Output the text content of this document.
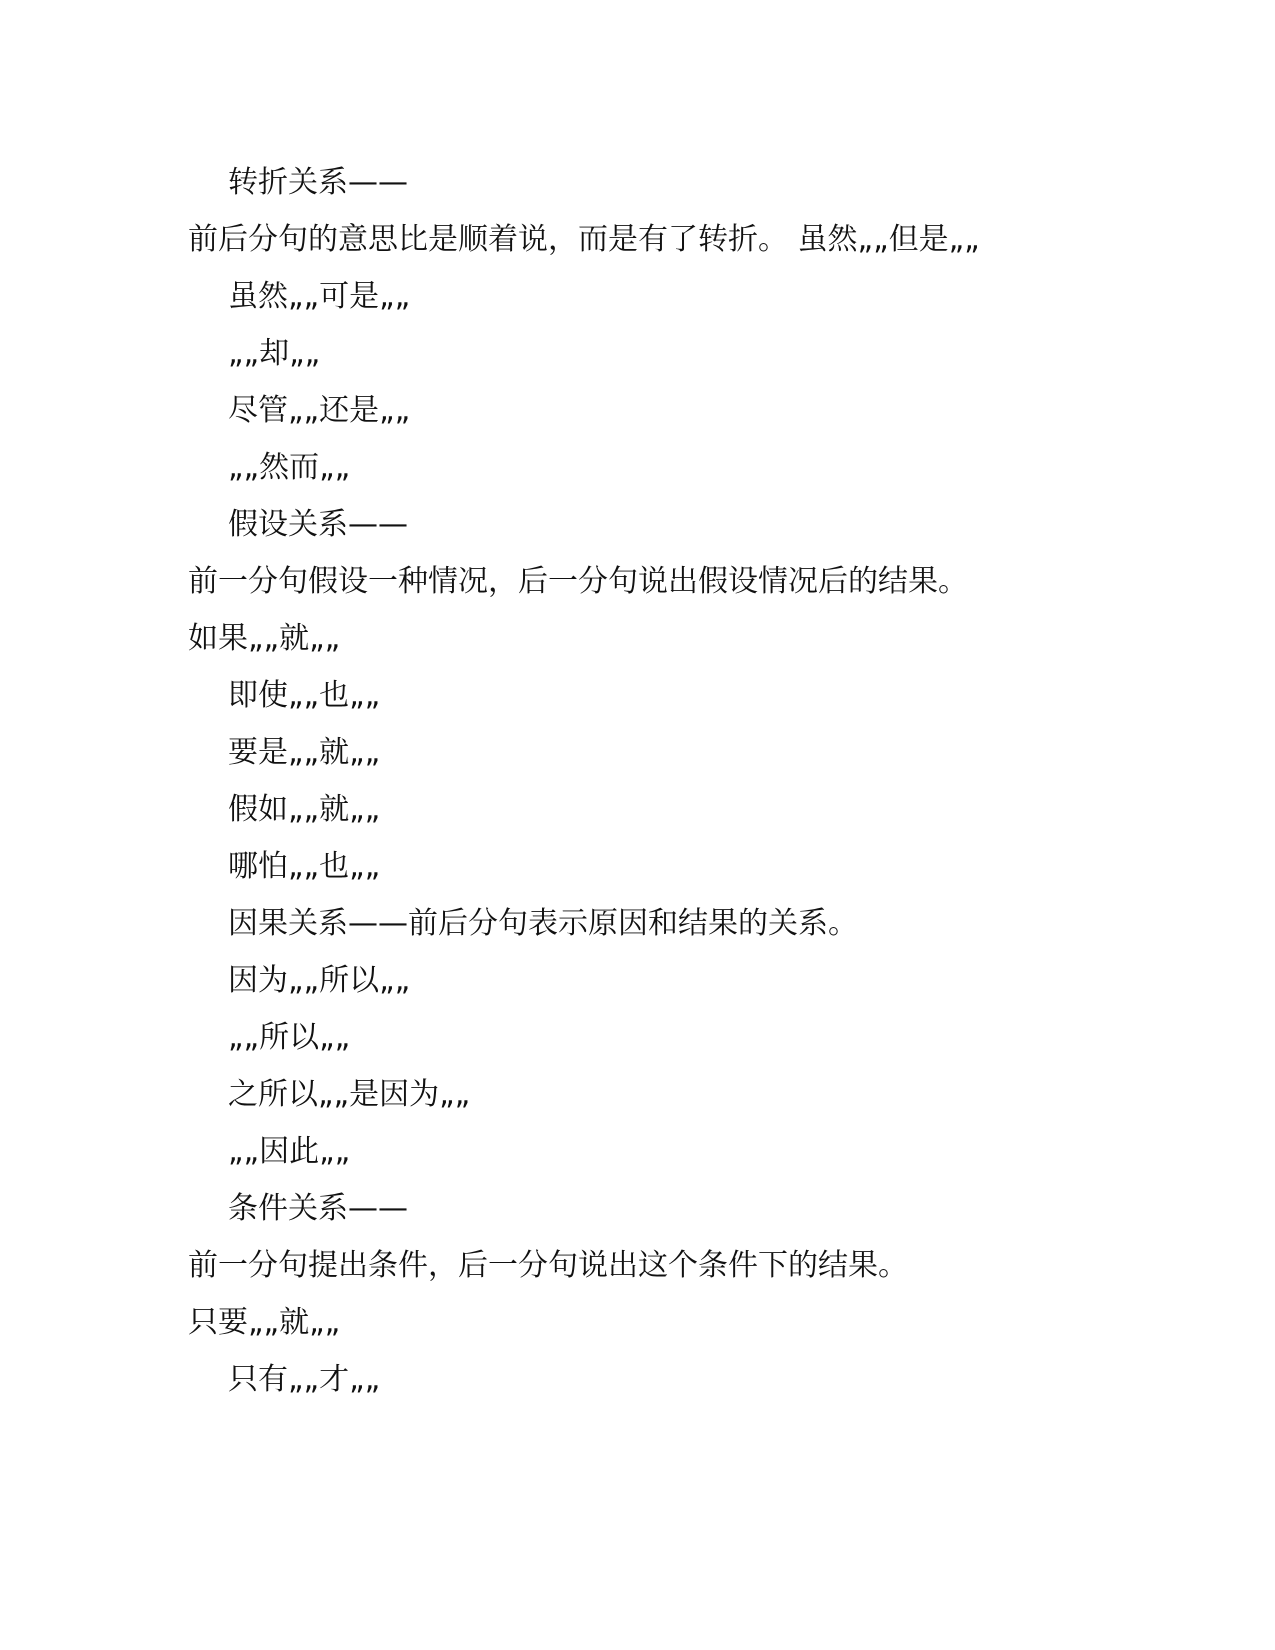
转折关系——
前后分句的意思比是顺着说，而是有了转折。 虽然„„但是„„
虽然„„可是„„
„„却„„
尽管„„还是„„
„„然而„„
假设关系——
前一分句假设一种情况，后一分句说出假设情况后的结果。
如果„„就„„
即使„„也„„
要是„„就„„
假如„„就„„
哪怕„„也„„
因果关系——前后分句表示原因和结果的关系。
因为„„所以„„
„„所以„„
之所以„„是因为„„
„„因此„„
条件关系——
前一分句提出条件，后一分句说出这个条件下的结果。
只要„„就„„
只有„„才„„
